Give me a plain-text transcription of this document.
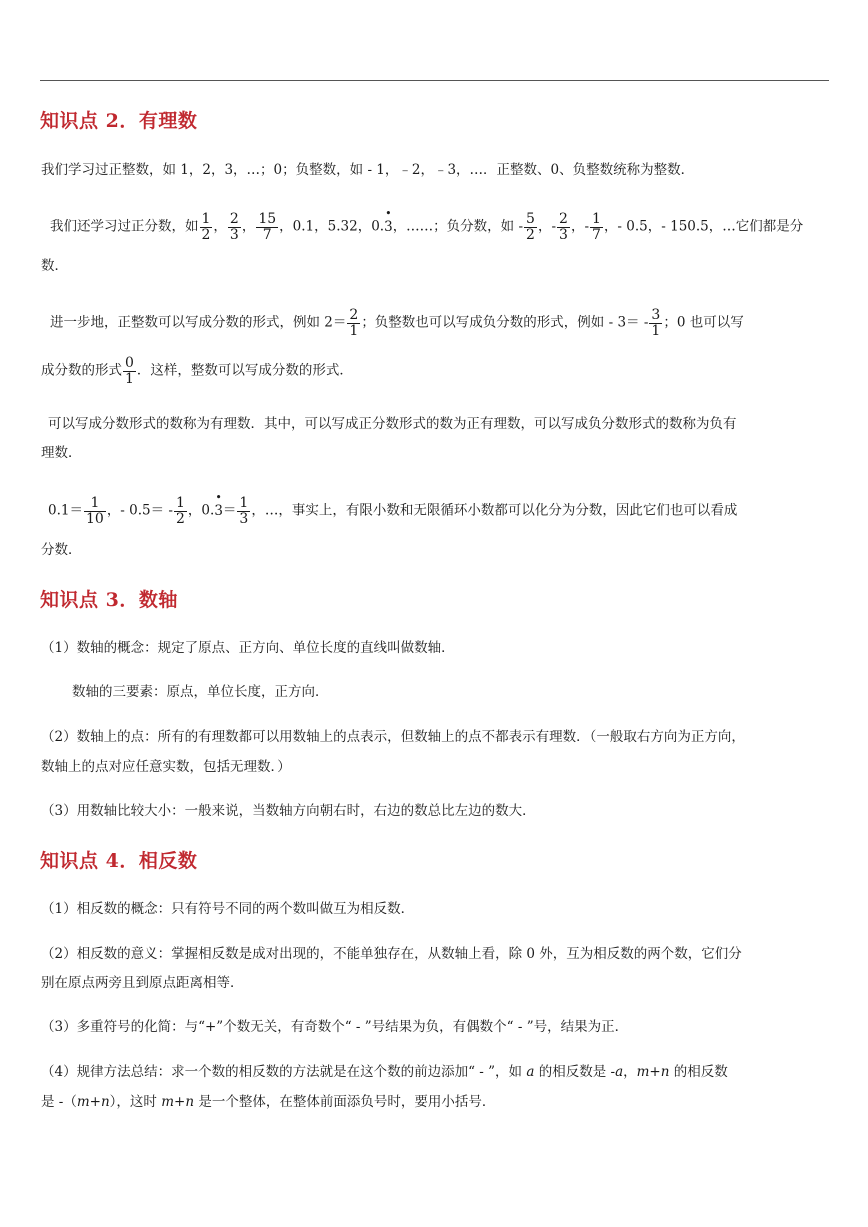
知识点 2．有理数
我们学习过正整数，如 1，2，3，…；0；负整数，如 - 1，﹣2，﹣3，…．正整数、0、负整数统称为整数．
我们还学习过正分数，如 $\frac{1}{2}$ ， $\frac{2}{3}$ ， $\frac{15}{7}$ ，0.1，5.32，0.• 3，……；负分数，如 - $\frac{5}{2}$ ，- $\frac{2}{3}$ ，- $\frac{1}{7}$ ，- 0.5，- 150.5，…它们都是分
数．
进一步地，正整数可以写成分数的形式，例如 $2= \frac{2}{1}$ ；负整数也可以写成负分数的形式，例如 - $3= - \frac{3}{1}$ ；0 也可以写
成分数的形式 $\frac{0}{1}$ ．这样，整数可以写成分数的形式．
可以写成分数形式的数称为有理数．其中，可以写成正分数形式的数为正有理数，可以写成负分数形式的数称为负有
理数．
$0.1= \frac{1}{10}$ ，- $0.5= - \frac{1}{2}$ ，0.• $3= \frac{1}{3}$ ，…，事实上，有限小数和无限循环小数都可以化分为分数，因此它们也可以看成
分数．
知识点 3．数轴
（1）数轴的概念：规定了原点、正方向、单位长度的直线叫做数轴．
数轴的三要素：原点，单位长度，正方向．
（2）数轴上的点：所有的有理数都可以用数轴上的点表示，但数轴上的点不都表示有理数．（一般取右方向为正方向，
数轴上的点对应任意实数，包括无理数．）
（3）用数轴比较大小：一般来说，当数轴方向朝右时，右边的数总比左边的数大．
知识点 4．相反数
（1）相反数的概念：只有符号不同的两个数叫做互为相反数．
（2）相反数的意义：掌握相反数是成对出现的，不能单独存在，从数轴上看，除 0 外，互为相反数的两个数，它们分
别在原点两旁且到原点距离相等．
（3）多重符号的化简：与“+”个数无关，有奇数个“ - ”号结果为负，有偶数个“ - ”号，结果为正．
（4）规律方法总结：求一个数的相反数的方法就是在这个数的前边添加“ - ”，如 a 的相反数是 -a，m+n 的相反数
是 -（m+n），这时 m+n 是一个整体，在整体前面添负号时，要用小括号．
